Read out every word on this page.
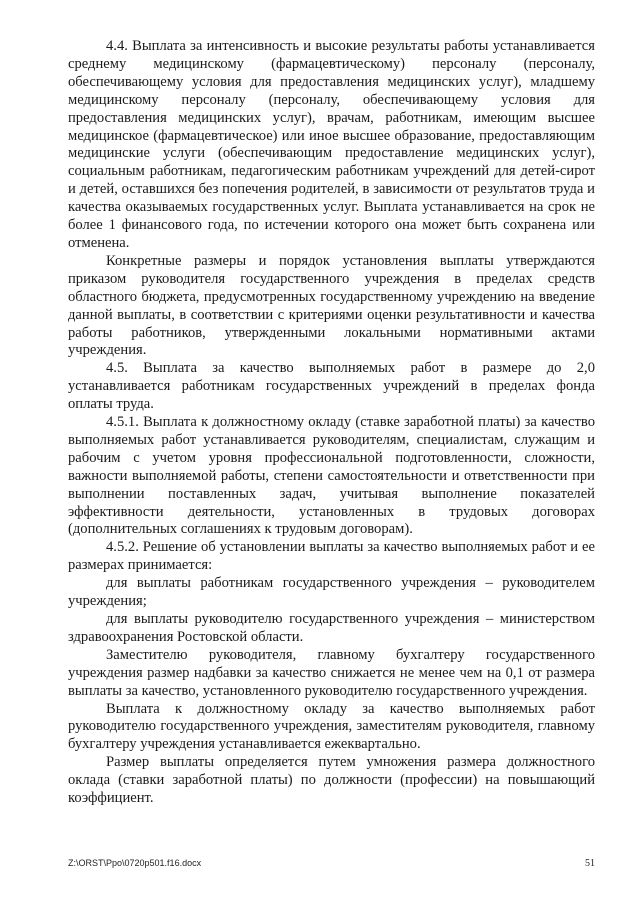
4.4. Выплата за интенсивность и высокие результаты работы устанавливается среднему медицинскому (фармацевтическому) персоналу (персоналу, обеспечивающему условия для предоставления медицинских услуг), младшему медицинскому персоналу (персоналу, обеспечивающему условия для предоставления медицинских услуг), врачам, работникам, имеющим высшее медицинское (фармацевтическое) или иное высшее образование, предоставляющим медицинские услуги (обеспечивающим предоставление медицинских услуг), социальным работникам, педагогическим работникам учреждений для детей-сирот и детей, оставшихся без попечения родителей, в зависимости от результатов труда и качества оказываемых государственных услуг. Выплата устанавливается на срок не более 1 финансового года, по истечении которого она может быть сохранена или отменена.

Конкретные размеры и порядок установления выплаты утверждаются приказом руководителя государственного учреждения в пределах средств областного бюджета, предусмотренных государственному учреждению на введение данной выплаты, в соответствии с критериями оценки результативности и качества работы работников, утвержденными локальными нормативными актами учреждения.

4.5. Выплата за качество выполняемых работ в размере до 2,0 устанавливается работникам государственных учреждений в пределах фонда оплаты труда.

4.5.1. Выплата к должностному окладу (ставке заработной платы) за качество выполняемых работ устанавливается руководителям, специалистам, служащим и рабочим с учетом уровня профессиональной подготовленности, сложности, важности выполняемой работы, степени самостоятельности и ответственности при выполнении поставленных задач, учитывая выполнение показателей эффективности деятельности, установленных в трудовых договорах (дополнительных соглашениях к трудовым договорам).

4.5.2. Решение об установлении выплаты за качество выполняемых работ и ее размерах принимается:

для выплаты работникам государственного учреждения – руководителем учреждения;

для выплаты руководителю государственного учреждения – министерством здравоохранения Ростовской области.

Заместителю руководителя, главному бухгалтеру государственного учреждения размер надбавки за качество снижается не менее чем на 0,1 от размера выплаты за качество, установленного руководителю государственного учреждения.

Выплата к должностному окладу за качество выполняемых работ руководителю государственного учреждения, заместителям руководителя, главному бухгалтеру учреждения устанавливается ежеквартально.

Размер выплаты определяется путем умножения размера должностного оклада (ставки заработной платы) по должности (профессии) на повышающий коэффициент.

Z:\ORST\Ppo\0720p501.f16.docx	51
